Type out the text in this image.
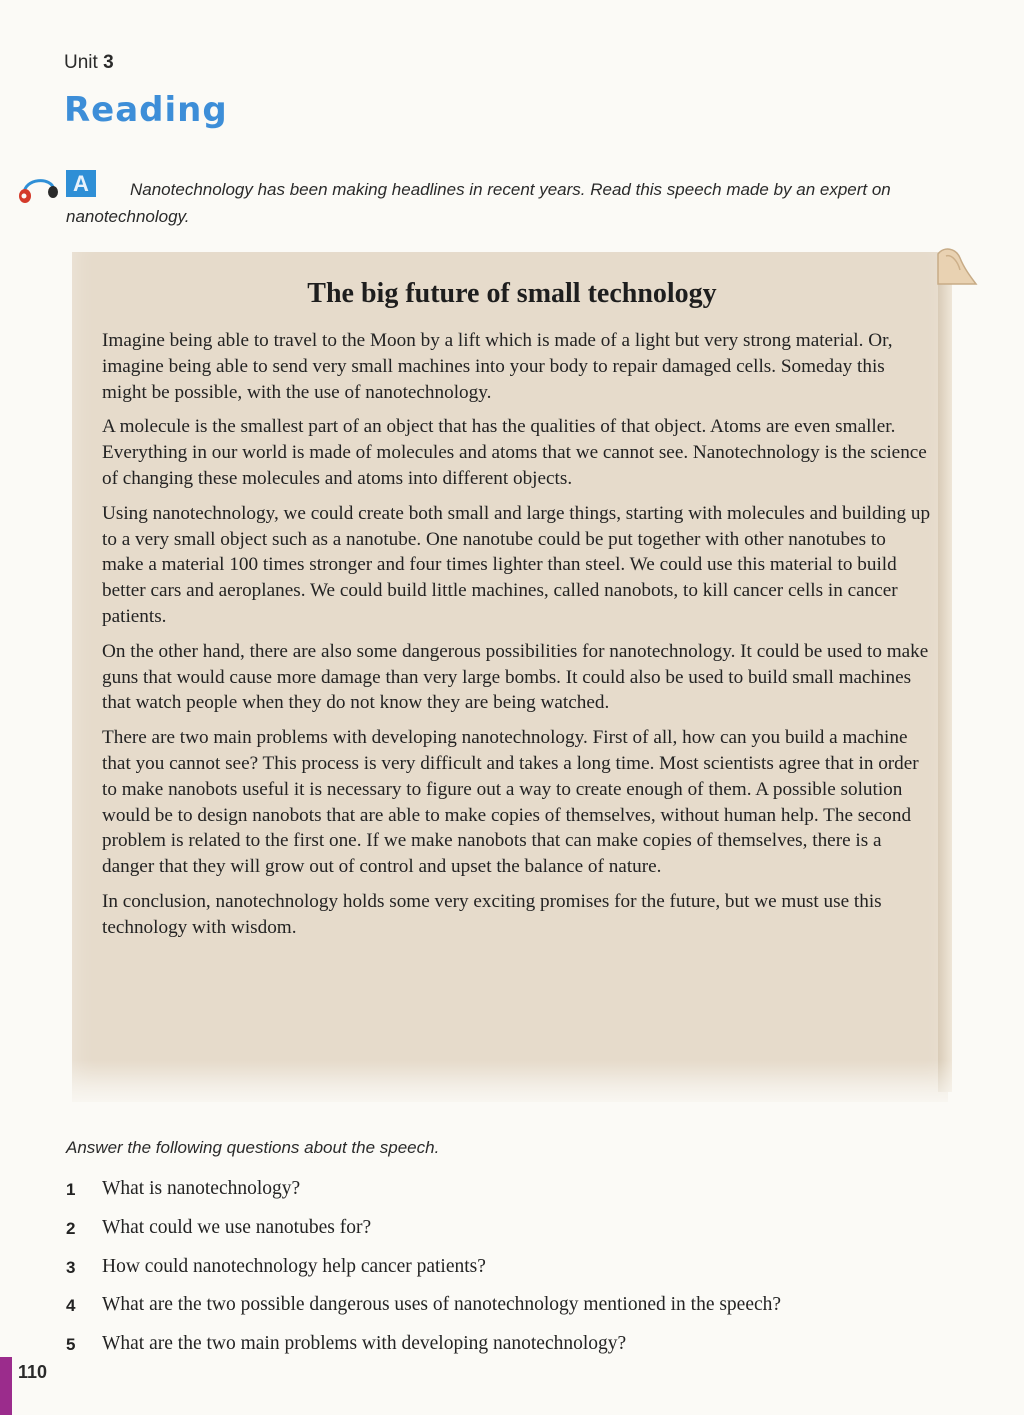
Unit 3
Reading
A	Nanotechnology has been making headlines in recent years. Read this speech made by an expert on nanotechnology.
The big future of small technology

Imagine being able to travel to the Moon by a lift which is made of a light but very strong material. Or, imagine being able to send very small machines into your body to repair damaged cells. Someday this might be possible, with the use of nanotechnology.

A molecule is the smallest part of an object that has the qualities of that object. Atoms are even smaller. Everything in our world is made of molecules and atoms that we cannot see. Nanotechnology is the science of changing these molecules and atoms into different objects.

Using nanotechnology, we could create both small and large things, starting with molecules and building up to a very small object such as a nanotube. One nanotube could be put together with other nanotubes to make a material 100 times stronger and four times lighter than steel. We could use this material to build better cars and aeroplanes. We could build little machines, called nanobots, to kill cancer cells in cancer patients.

On the other hand, there are also some dangerous possibilities for nanotechnology. It could be used to make guns that would cause more damage than very large bombs. It could also be used to build small machines that watch people when they do not know they are being watched.

There are two main problems with developing nanotechnology. First of all, how can you build a machine that you cannot see? This process is very difficult and takes a long time. Most scientists agree that in order to make nanobots useful it is necessary to figure out a way to create enough of them. A possible solution would be to design nanobots that are able to make copies of themselves, without human help. The second problem is related to the first one. If we make nanobots that can make copies of themselves, there is a danger that they will grow out of control and upset the balance of nature.

In conclusion, nanotechnology holds some very exciting promises for the future, but we must use this technology with wisdom.

Answer the following questions about the speech.
1 What is nanotechnology?
2 What could we use nanotubes for?
3 How could nanotechnology help cancer patients?
4 What are the two possible dangerous uses of nanotechnology mentioned in the speech?
5 What are the two main problems with developing nanotechnology?
110
